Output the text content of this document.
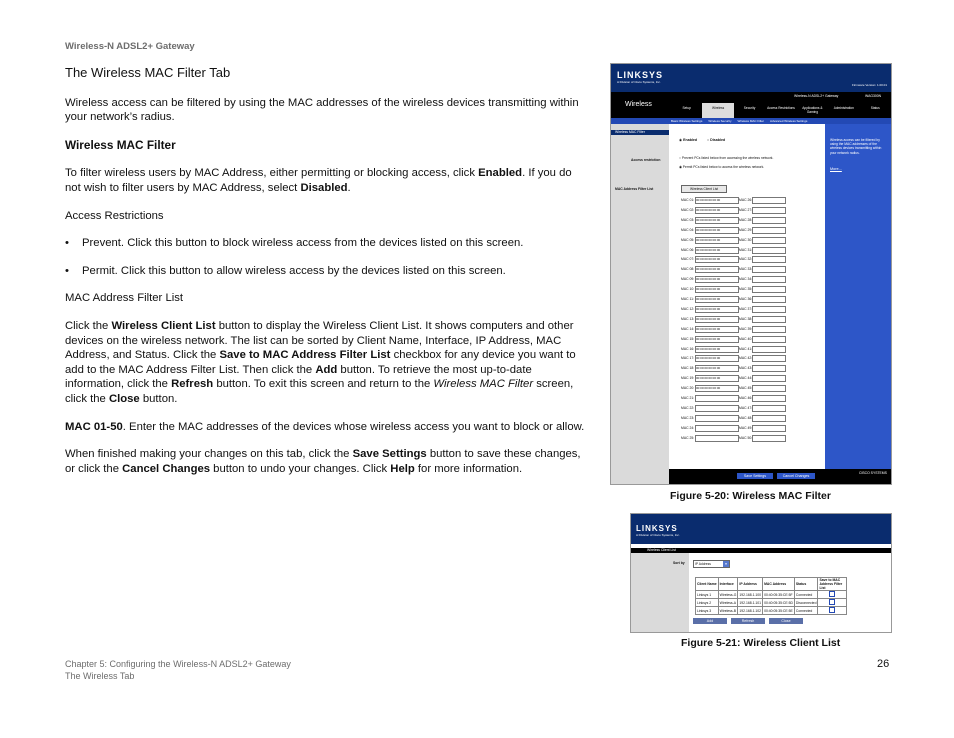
Wireless-N ADSL2+ Gateway

The Wireless MAC Filter Tab

Wireless access can be filtered by using the MAC addresses of the wireless devices transmitting within your network’s radius.

Wireless MAC Filter

To filter wireless users by MAC Address, either permitting or blocking access, click Enabled. If you do not wish to filter users by MAC Address, select Disabled.

Access Restrictions

• Prevent. Click this button to block wireless access from the devices listed on this screen.

• Permit. Click this button to allow wireless access by the devices listed on this screen.

MAC Address Filter List

Click the Wireless Client List button to display the Wireless Client List. It shows computers and other devices on the wireless network. The list can be sorted by Client Name, Interface, IP Address, MAC Address, and Status. Click the Save to MAC Address Filter List checkbox for any device you want to add to the MAC Address Filter List. Then click the Add button. To retrieve the most up-to-date information, click the Refresh button. To exit this screen and return to the Wireless MAC Filter screen, click the Close button.

MAC 01-50. Enter the MAC addresses of the devices whose wireless access you want to block or allow.

When finished making your changes on this tab, click the Save Settings button to save these changes, or click the Cancel Changes button to undo your changes. Click Help for more information.

LINKSYS
A Division of Cisco Systems, Inc.
Firmware Version: 1.00.01
Wireless
Wireless-N ADSL2+ Gateway	WAG300N
Setup	Wireless	Security	Access Restrictions	Applications & Gaming
Administration	Status
Basic Wireless Settings Wireless Security Wireless MAC Filter Advanced Wireless Settings
Wireless MAC Filter
Access restriction
MAC Address Filter List
◉ Enabled	○ Disabled
○ Prevent PCs listed below from accessing the wireless network.
◉ Permit PCs listed below to access the wireless network.
Wireless Client List
MAC 01: 00:00:00:00:00:00	MAC 26:
MAC 02: 00:00:00:00:00:00	MAC 27:
MAC 03: 00:00:00:00:00:00	MAC 28:
MAC 04: 00:00:00:00:00:00	MAC 29:
MAC 05: 00:00:00:00:00:00	MAC 30:
MAC 06: 00:00:00:00:00:00	MAC 31:
MAC 07: 00:00:00:00:00:00	MAC 32:
MAC 08: 00:00:00:00:00:00	MAC 33:
MAC 09: 00:00:00:00:00:00	MAC 34:
MAC 10: 00:00:00:00:00:00	MAC 35:
MAC 11: 00:00:00:00:00:00	MAC 36:
MAC 12: 00:00:00:00:00:00	MAC 37:
MAC 13: 00:00:00:00:00:00	MAC 38:
MAC 14: 00:00:00:00:00:00	MAC 39:
MAC 15: 00:00:00:00:00:00	MAC 40:
MAC 16: 00:00:00:00:00:00	MAC 41:
MAC 17: 00:00:00:00:00:00	MAC 42:
MAC 18: 00:00:00:00:00:00	MAC 43:
MAC 19: 00:00:00:00:00:00	MAC 44:
MAC 20: 00:00:00:00:00:00	MAC 45:
MAC 21:	MAC 46:
MAC 22:	MAC 47:
MAC 23:	MAC 48:
MAC 24:	MAC 49:
MAC 25:	MAC 50:
Wireless access can be filtered by using the MAC addresses of the wireless devices transmitting within your network radius.
More...
Save Settings	Cancel Changes
CISCO SYSTEMS
Figure 5-20: Wireless MAC Filter
LINKSYS
A Division of Cisco Systems, Inc.
Wireless Client List
Sort by	IP Address	▾
Client Name	Interface	IP Address	MAC Address	Status	Save to MAC Address Filter List
Linksys 1	Wireless-G	192.168.1.100	00:40:05:35:CE:5F	Connected	
Linksys 2	Wireless-A	192.168.1.101	00:40:05:35:CE:5D	Disconnected	
Linksys 3	Wireless-B	192.168.1.102	00:40:05:35:CE:5E	Connected	
Add	Refresh	Close
Figure 5-21: Wireless Client List
Chapter 5: Configuring the Wireless-N ADSL2+ Gateway
The Wireless Tab
26
